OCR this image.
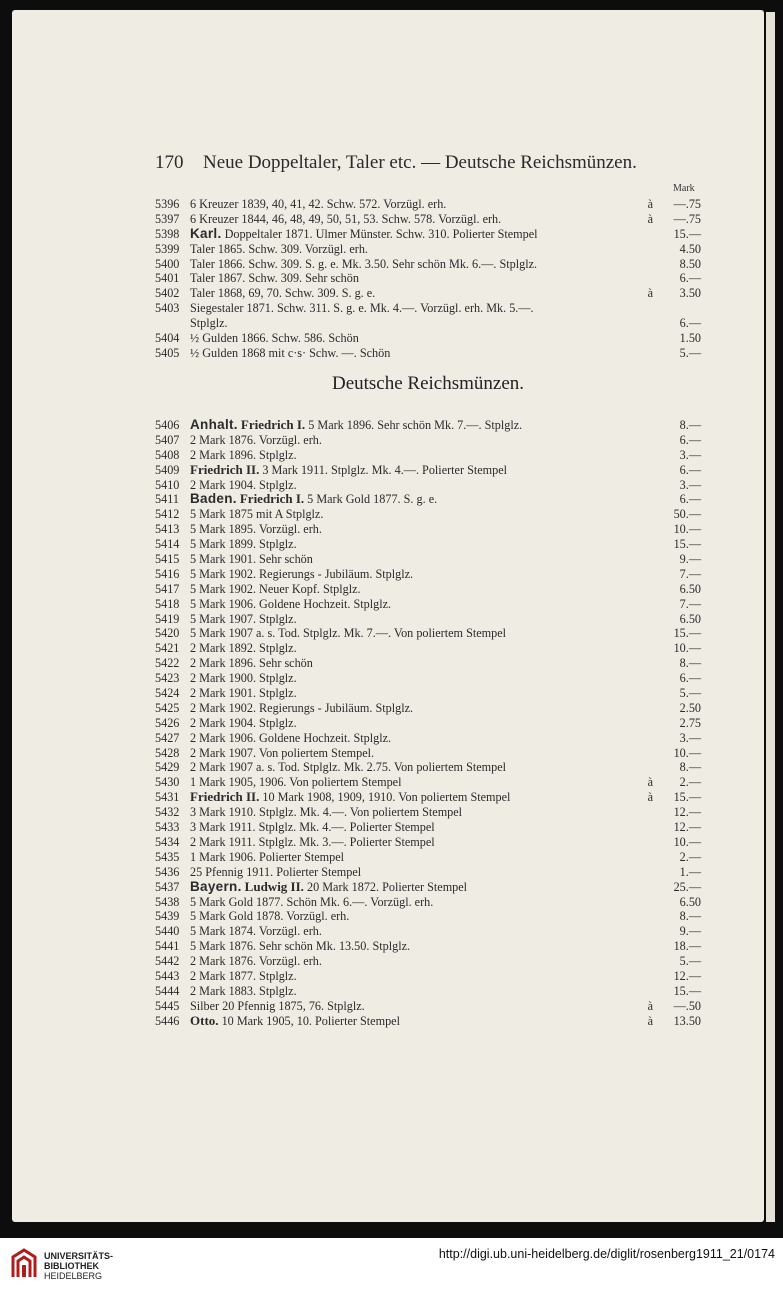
170 Neue Doppeltaler, Taler etc. — Deutsche Reichsmünzen.
Mark
5396 6 Kreuzer 1839, 40, 41, 42. Schw. 572. Vorzügl. erh.	à —.75
5397 6 Kreuzer 1844, 46, 48, 49, 50, 51, 53. Schw. 578. Vorzügl. erh.	à —.75
5398 Karl. Doppeltaler 1871. Ulmer Münster. Schw. 310. Polierter Stempel	15.—
5399 Taler 1865. Schw. 309. Vorzügl. erh.	4.50
5400 Taler 1866. Schw. 309. S. g. e. Mk. 3.50. Sehr schön Mk. 6.—. Stplglz.	8.50
5401 Taler 1867. Schw. 309. Sehr schön	6.—
5402 Taler 1868, 69, 70. Schw. 309. S. g. e.	à 3.50
5403 Siegestaler 1871. Schw. 311. S. g. e. Mk. 4.—. Vorzügl. erh. Mk. 5.—.
Stplglz.	6.—
5404 ½ Gulden 1866. Schw. 586. Schön	1.50
5405 ½ Gulden 1868 mit c·s· Schw. —. Schön	5.—
Deutsche Reichsmünzen.
5406 Anhalt. Friedrich I. 5 Mark 1896. Sehr schön Mk. 7.—. Stplglz.	8.—
5407 2 Mark 1876. Vorzügl. erh.	6.—
5408 2 Mark 1896. Stplglz.	3.—
5409 Friedrich II. 3 Mark 1911. Stplglz. Mk. 4.—. Polierter Stempel	6.—
5410 2 Mark 1904. Stplglz.	3.—
5411 Baden. Friedrich I. 5 Mark Gold 1877. S. g. e.	6.—
5412 5 Mark 1875 mit A Stplglz.	50.—
5413 5 Mark 1895. Vorzügl. erh.	10.—
5414 5 Mark 1899. Stplglz.	15.—
5415 5 Mark 1901. Sehr schön	9.—
5416 5 Mark 1902. Regierungs - Jubiläum. Stplglz.	7.—
5417 5 Mark 1902. Neuer Kopf. Stplglz.	6.50
5418 5 Mark 1906. Goldene Hochzeit. Stplglz.	7.—
5419 5 Mark 1907. Stplglz.	6.50
5420 5 Mark 1907 a. s. Tod. Stplglz. Mk. 7.—. Von poliertem Stempel	15.—
5421 2 Mark 1892. Stplglz.	10.—
5422 2 Mark 1896. Sehr schön	8.—
5423 2 Mark 1900. Stplglz.	6.—
5424 2 Mark 1901. Stplglz.	5.—
5425 2 Mark 1902. Regierungs - Jubiläum. Stplglz.	2.50
5426 2 Mark 1904. Stplglz.	2.75
5427 2 Mark 1906. Goldene Hochzeit. Stplglz.	3.—
5428 2 Mark 1907. Von poliertem Stempel.	10.—
5429 2 Mark 1907 a. s. Tod. Stplglz. Mk. 2.75. Von poliertem Stempel	8.—
5430 1 Mark 1905, 1906. Von poliertem Stempel	à 2.—
5431 Friedrich II. 10 Mark 1908, 1909, 1910. Von poliertem Stempel	à 15.—
5432 3 Mark 1910. Stplglz. Mk. 4.—. Von poliertem Stempel	12.—
5433 3 Mark 1911. Stplglz. Mk. 4.—. Polierter Stempel	12.—
5434 2 Mark 1911. Stplglz. Mk. 3.—. Polierter Stempel	10.—
5435 1 Mark 1906. Polierter Stempel	2.—
5436 25 Pfennig 1911. Polierter Stempel	1.—
5437 Bayern. Ludwig II. 20 Mark 1872. Polierter Stempel	25.—
5438 5 Mark Gold 1877. Schön Mk. 6.—. Vorzügl. erh.	6.50
5439 5 Mark Gold 1878. Vorzügl. erh.	8.—
5440 5 Mark 1874. Vorzügl. erh.	9.—
5441 5 Mark 1876. Sehr schön Mk. 13.50. Stplglz.	18.—
5442 2 Mark 1876. Vorzügl. erh.	5.—
5443 2 Mark 1877. Stplglz.	12.—
5444 2 Mark 1883. Stplglz.	15.—
5445 Silber 20 Pfennig 1875, 76. Stplglz.	à —.50
5446 Otto. 10 Mark 1905, 10. Polierter Stempel	à 13.50
UNIVERSITÄTS-
BIBLIOTHEK
HEIDELBERG
http://digi.ub.uni-heidelberg.de/diglit/rosenberg1911_21/0174
